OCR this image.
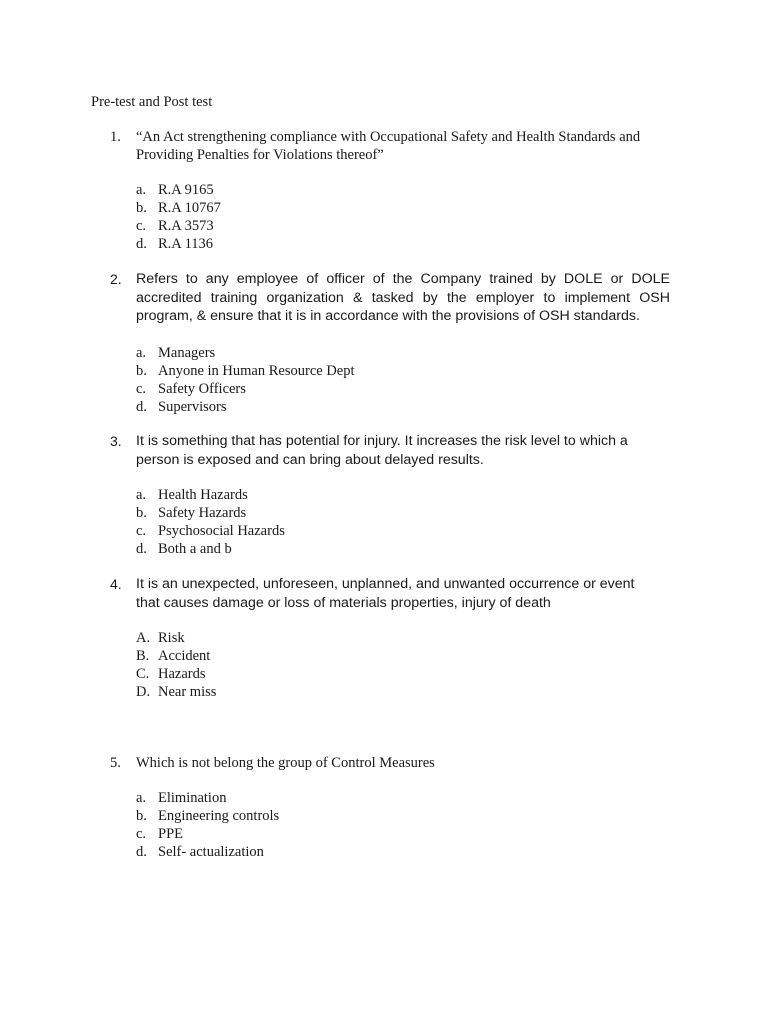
Pre-test and Post test
1.	“An Act strengthening compliance with Occupational Safety and Health Standards and
Providing Penalties for Violations thereof”
a. R.A 9165
b. R.A 10767
c. R.A 3573
d. R.A 1136
2.	Refers to any employee of officer of the Company trained by DOLE or DOLE
accredited training organization & tasked by the employer to implement OSH
program, & ensure that it is in accordance with the provisions of OSH standards.
a. Managers
b. Anyone in Human Resource Dept
c. Safety Officers
d. Supervisors
3.	It is something that has potential for injury. It increases the risk level to which a
person is exposed and can bring about delayed results.
a. Health Hazards
b. Safety Hazards
c. Psychosocial Hazards
d. Both a and b
4.	It is an unexpected, unforeseen, unplanned, and unwanted occurrence or event
that causes damage or loss of materials properties, injury of death
A. Risk
B. Accident
C. Hazards
D. Near miss
5.	Which is not belong the group of Control Measures
a. Elimination
b. Engineering controls
c. PPE
d. Self- actualization
